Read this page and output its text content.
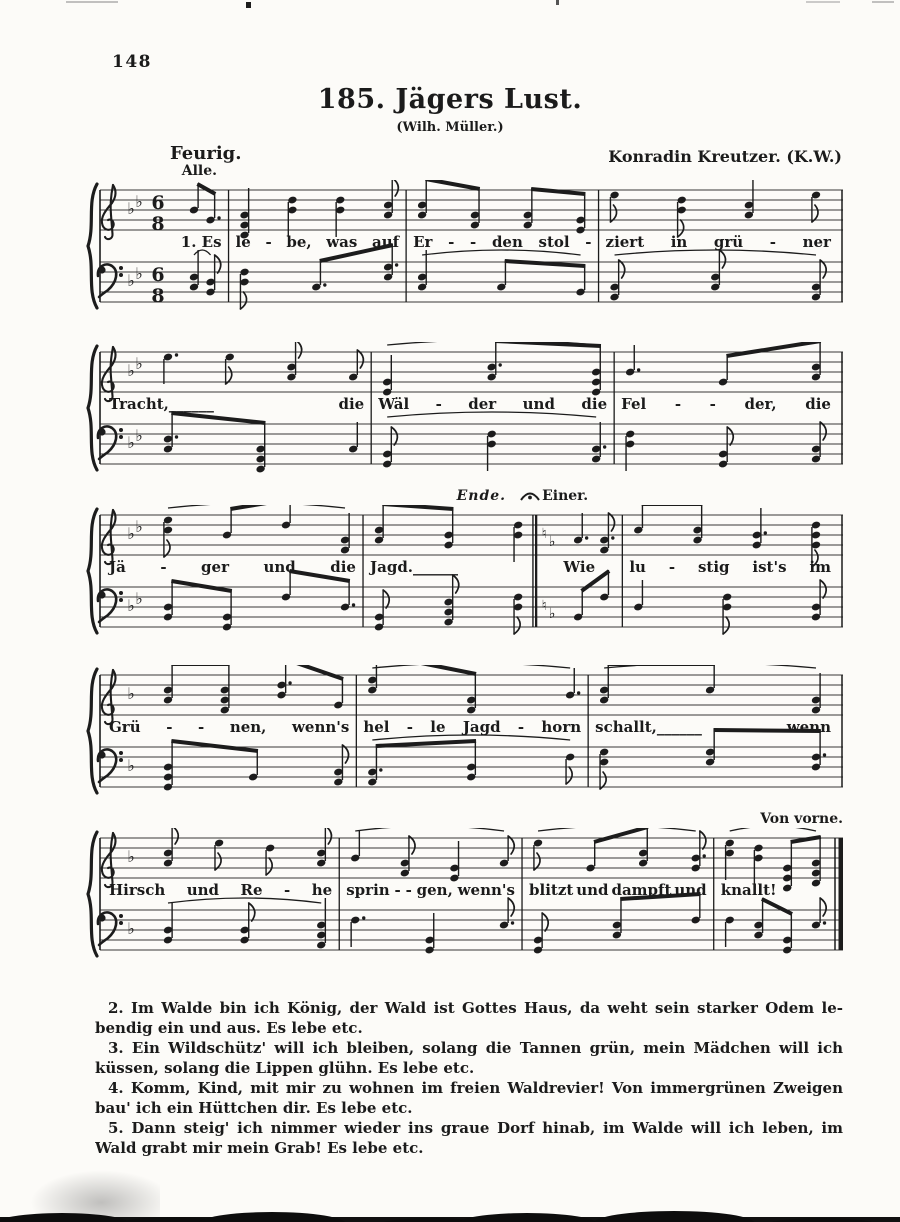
148
185. Jägers Lust.
(Wilh. Müller.)
Feurig.	Konradin Kreutzer. (K.W.)
♭
♭
♭
♭
6
8
6
8
1. Es le - be, was auf Er - - den stol - ziert in grü - ner
Alle.
♭
♭
♭
♭
Tracht,______	die Wäl - der und die Fel - - der, die
♭
♭
♭
♭
♮ ♭
♮ ♭
Jä - ger und die Jagd.______	Wie lu - stig ist's im
Ende.	Einer.
♭
♭
Grü - - nen, wenn's hel - le Jagd - horn schallt,______	wenn
♭
♭
Hirsch und Re - he sprin - - gen, wenn's blitzt und dampft und knallt!
Von vorne.
2. Im Walde bin ich König, der Wald ist Gottes Haus, da weht sein starker Odem le-
bendig ein und aus. Es lebe etc.
3. Ein Wildschütz' will ich bleiben, solang die Tannen grün, mein Mädchen will ich
küssen, solang die Lippen glühn. Es lebe etc.
4. Komm, Kind, mit mir zu wohnen im freien Waldrevier! Von immergrünen Zweigen
bau' ich ein Hüttchen dir. Es lebe etc.
5. Dann steig' ich nimmer wieder ins graue Dorf hinab, im Walde will ich leben, im
Wald grabt mir mein Grab! Es lebe etc.
